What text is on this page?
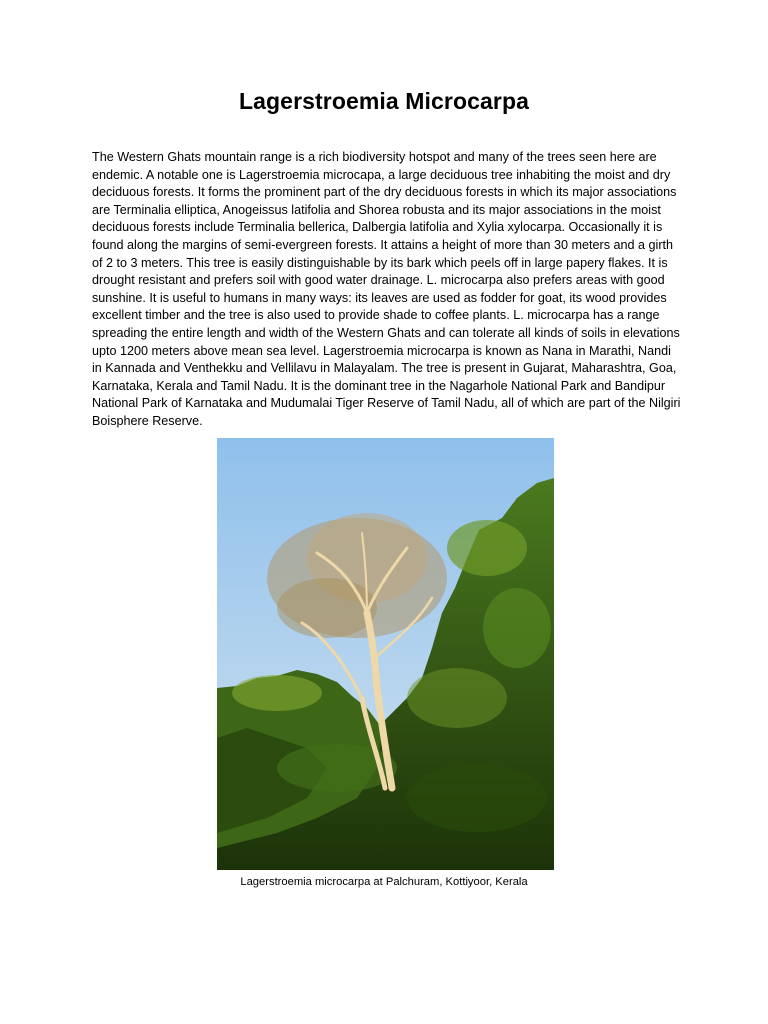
Lagerstroemia Microcarpa

The Western Ghats mountain range is a rich biodiversity hotspot and many of the trees seen here are endemic. A notable one is Lagerstroemia microcapa, a large deciduous tree inhabiting the moist and dry deciduous forests. It forms the prominent part of the dry deciduous forests in which its major associations are Terminalia elliptica, Anogeissus latifolia and Shorea robusta and its major associations in the moist deciduous forests include Terminalia bellerica, Dalbergia latifolia and Xylia xylocarpa. Occasionally it is found along the margins of semi-evergreen forests. It attains a height of more than 30 meters and a girth of 2 to 3 meters. This tree is easily distinguishable by its bark which peels off in large papery flakes. It is drought resistant and prefers soil with good water drainage. L. microcarpa also prefers areas with good sunshine. It is useful to humans in many ways: its leaves are used as fodder for goat, its wood provides excellent timber and the tree is also used to provide shade to coffee plants. L. microcarpa has a range spreading the entire length and width of the Western Ghats and can tolerate all kinds of soils in elevations upto 1200 meters above mean sea level. Lagerstroemia microcarpa is known as Nana in Marathi, Nandi in Kannada and Venthekku and Vellilavu in Malayalam. The tree is present in Gujarat, Maharashtra, Goa, Karnataka, Kerala and Tamil Nadu. It is the dominant tree in the Nagarhole National Park and Bandipur National Park of Karnataka and Mudumalai Tiger Reserve of Tamil Nadu, all of which are part of the Nilgiri Boisphere Reserve.

Lagerstroemia microcarpa at Palchuram, Kottiyoor, Kerala
